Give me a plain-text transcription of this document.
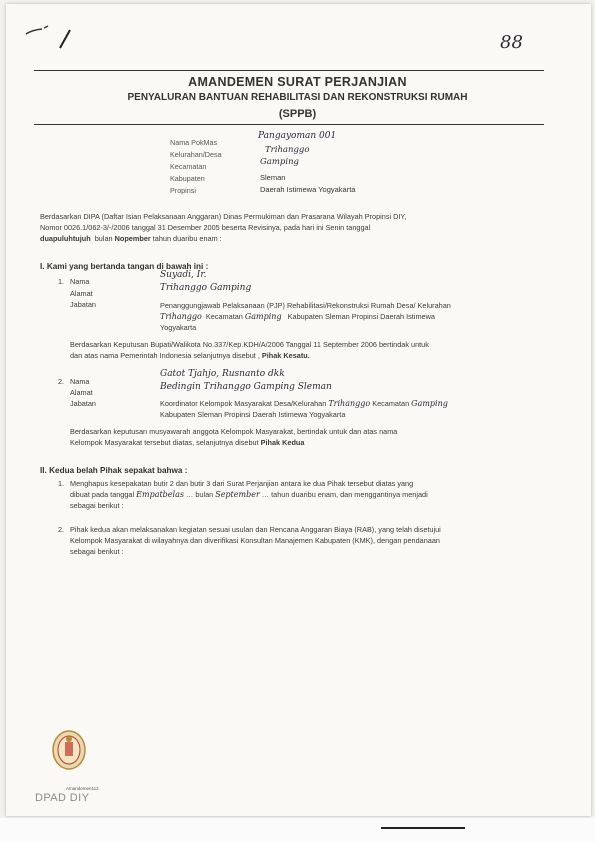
88
AMANDEMEN SURAT PERJANJIAN
PENYALURAN BANTUAN REHABILITASI DAN REKONSTRUKSI RUMAH
(SPPB)
Nama PokMas
Kelurahan/Desa
Kecamatan
Kabupaten
Propinsi
Pangayoman 001
Trihanggo
Gamping
Sleman
Daerah Istimewa Yogyakarta
Berdasarkan DIPA (Daftar Isian Pelaksanaan Anggaran) Dinas Permukiman dan Prasarana Wilayah Propinsi DIY,
Nomor 0026.1/062-3/-/2006 tanggal 31 Desember 2005 beserta Revisinya, pada hari ini Senin tanggal
duapuluhtujuh bulan Nopember tahun duaribu enam :
I. Kami yang bertanda tangan di bawah ini :
1. Nama
Alamat
Jabatan
Suyadi, Ir.
Trihanggo Gamping
Penanggungjawab Pelaksanaan (PJP) Rehabilitasi/Rekonstruksi Rumah Desa/ Kelurahan
Trihanggo Kecamatan Gamping Kabupaten Sleman Propinsi Daerah Istimewa
Yogyakarta
Berdasarkan Keputusan Bupati/Walikota No.337/Kep.KDH/A/2006 Tanggal 11 September 2006 bertindak untuk
dan atas nama Pemerintah Indonesia selanjutnya disebut , Pihak Kesatu.
2. Nama
Alamat
Jabatan
Gatot Tjahjo, Rusnanto dkk
Bedingin Trihanggo Gamping Sleman
Koordinator Kelompok Masyarakat Desa/Kelurahan Trihanggo Kecamatan Gamping
Kabupaten Sleman Propinsi Daerah Istimewa Yogyakarta
Berdasarkan keputusan musyawarah anggota Kelompok Masyarakat, bertindak untuk dan atas nama
Kelompok Masyarakat tersebut diatas, selanjutnya disebut Pihak Kedua
II. Kedua belah Pihak sepakat bahwa :
1. Menghapus kesepakatan butir 2 dan butir 3 dari Surat Perjanjian antara ke dua Pihak tersebut diatas yang
dibuat pada tanggal Empatbelas … bulan September … tahun duaribu enam, dan menggantinya menjadi
sebagai berikut :
2. Pihak kedua akan melaksanakan kegiatan sesuai usulan dan Rencana Anggaran Biaya (RAB), yang telah disetujui
Kelompok Masyarakat di wilayahnya dan diverifikasi Konsultan Manajemen Kabupaten (KMK), dengan pendanaan
sebagai berikut :
Amandemen112
DPAD DIY
